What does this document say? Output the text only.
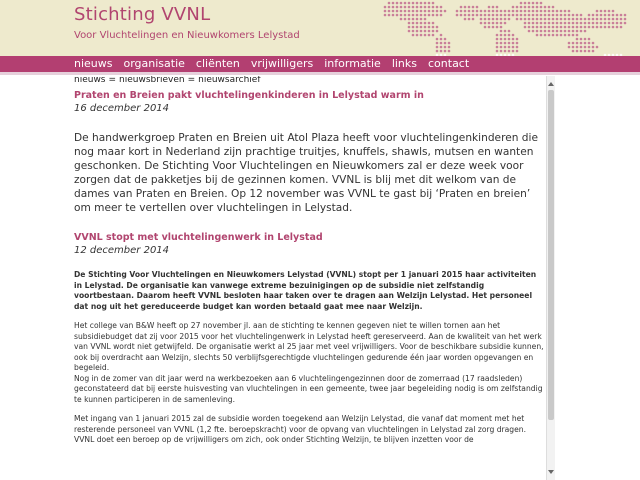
Stichting VVNL
Voor Vluchtelingen en Nieuwkomers Lelystad
nieuws organisatie cliënten vrijwilligers informatie links contact
nieuws = nieuwsbrieven = nieuwsarchief
Praten en Breien pakt vluchtelingenkinderen in Lelystad warm in
16 december 2014

De handwerkgroep Praten en Breien uit Atol Plaza heeft voor vluchtelingenkinderen die nog maar kort in Nederland zijn prachtige truitjes, knuffels, shawls, mutsen en wanten geschonken. De Stichting Voor Vluchtelingen en Nieuwkomers zal er deze week voor zorgen dat de pakketjes bij de gezinnen komen. VVNL is blij met dit welkom van de dames van Praten en Breien. Op 12 november was VVNL te gast bij ‘Praten en breien’ om meer te vertellen over vluchtelingen in Lelystad.

VVNL stopt met vluchtelingenwerk in Lelystad
12 december 2014

De Stichting Voor Vluchtelingen en Nieuwkomers Lelystad (VVNL) stopt per 1 januari 2015 haar activiteiten in Lelystad. De organisatie kan vanwege extreme bezuinigingen op de subsidie niet zelfstandig voortbestaan. Daarom heeft VVNL besloten haar taken over te dragen aan Welzijn Lelystad. Het personeel dat nog uit het gereduceerde budget kan worden betaald gaat mee naar Welzijn.

Het college van B&W heeft op 27 november jl. aan de stichting te kennen gegeven niet te willen tornen aan het subsidiebudget dat zij voor 2015 voor het vluchtelingenwerk in Lelystad heeft gereserveerd. Aan de kwaliteit van het werk van VVNL wordt niet getwijfeld. De organisatie werkt al 25 jaar met veel vrijwilligers. Voor de beschikbare subsidie kunnen, ook bij overdracht aan Welzijn, slechts 50 verblijfsgerechtigde vluchtelingen gedurende één jaar worden opgevangen en begeleid.

Nog in de zomer van dit jaar werd na werkbezoeken aan 6 vluchtelingengezinnen door de zomerraad (17 raadsleden) geconstateerd dat bij eerste huisvesting van vluchtelingen in een gemeente, twee jaar begeleiding nodig is om zelfstandig te kunnen participeren in de samenleving.

Met ingang van 1 januari 2015 zal de subsidie worden toegekend aan Welzijn Lelystad, die vanaf dat moment met het resterende personeel van VVNL (1,2 fte. beroepskracht) voor de opvang van vluchtelingen in Lelystad zal zorg dragen. VVNL doet een beroep op de vrijwilligers om zich, ook onder Stichting Welzijn, te blijven inzetten voor de
